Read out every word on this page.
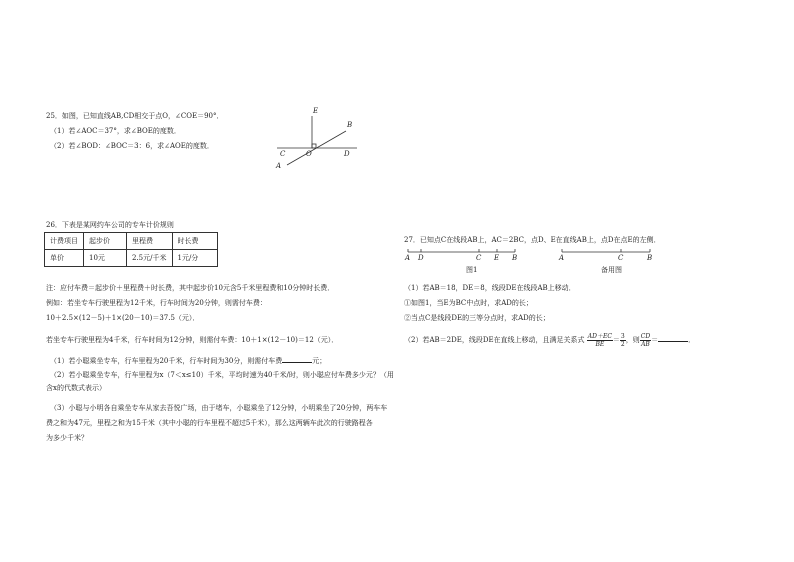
25．如图，已知直线AB,CD相交于点O，∠COE＝90°．
（1）若∠AOC＝37°，求∠BOE的度数．
（2）若∠BOD：∠BOC＝3：6，求∠AOE的度数．
E
B
C	O	D
A
26．下表是某网约车公司的专车计价规则
计费项目	起步价	里程费	时长费
单价	10元	2.5元/千米	1元/分
注：应付车费＝起步价＋里程费＋时长费，其中起步价10元含5千米里程费和10分钟时长费．
例如：若坐专车行驶里程为12千米，行车时间为20分钟，则需付车费：
10＋2.5×(12－5)＋1×(20－10)＝37.5（元）．
若坐专车行驶里程为4千米，行车时间为12分钟，则需付车费：10＋1×(12－10)＝12（元）．
（1）若小聪乘坐专车，行车里程为20千米，行车时间为30分，则需付车费	元；
（2）若小聪乘坐专车，行车里程为x（7＜x≤10）千米，平均时速为40千米/时，则小聪应付车费多少元？（用
含x的代数式表示）
（3）小聪与小明各自乘坐专车从家去吾悦广场，由于堵车，小聪乘坐了12分钟，小明乘坐了20分钟，两车车
费之和为47元，里程之和为15千米（其中小聪的行车里程不超过5千米），那么这两辆车此次的行驶路程各
为多少千米？
27．已知点C在线段AB上，AC＝2BC，点D、E在直线AB上，点D在点E的左侧．
A D	C E B
图1
A	C	B
备用图
（1）若AB＝18，DE＝8，线段DE在线段AB上移动．
①如图1，当E为BC中点时，求AD的长；
②当点C是线段DE的三等分点时，求AD的长；
（2）若AB＝2DE，线段DE在直线上移动，且满足关系式 $\frac{AD+EC}{BE} = \frac{3}{2}$ ，则 $\frac{CD}{AB}$ ＝	．
